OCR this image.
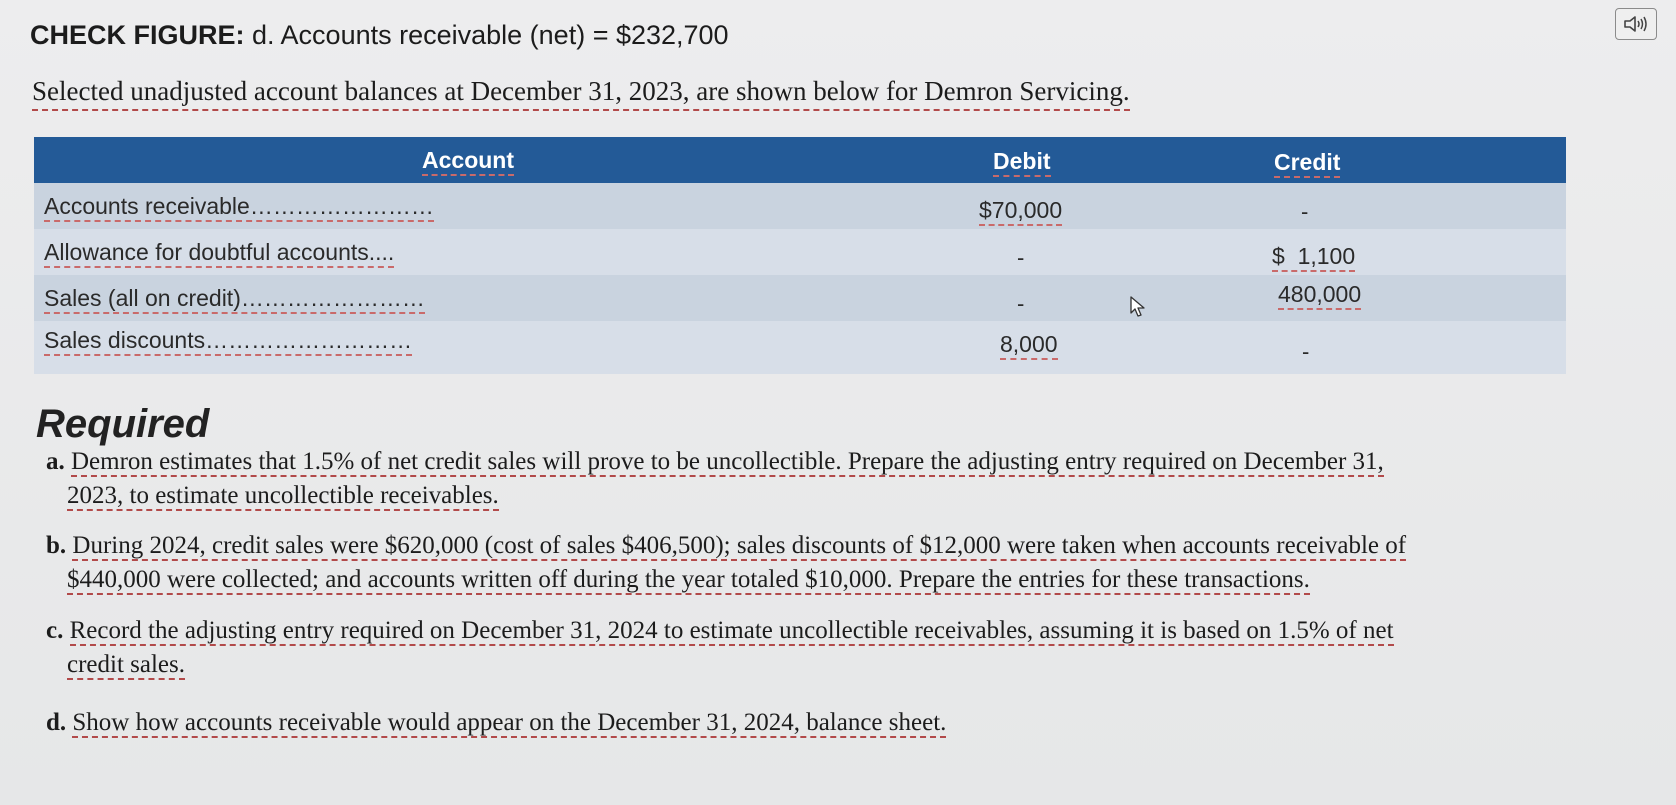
CHECK FIGURE: d. Accounts receivable (net) = $232,700
Selected unadjusted account balances at December 31, 2023, are shown below for Demron Servicing.
Account	Debit	Credit
Accounts receivable……………………	$70,000	-
Allowance for doubtful accounts....	-	$  1,100
Sales (all on credit)……………………	-	480,000
Sales discounts………………………	8,000	-
Required
a. Demron estimates that 1.5% of net credit sales will prove to be uncollectible. Prepare the adjusting entry required on December 31,
2023, to estimate uncollectible receivables.
b. During 2024, credit sales were $620,000 (cost of sales $406,500); sales discounts of $12,000 were taken when accounts receivable of
$440,000 were collected; and accounts written off during the year totaled $10,000. Prepare the entries for these transactions.
c. Record the adjusting entry required on December 31, 2024 to estimate uncollectible receivables, assuming it is based on 1.5% of net
credit sales.
d. Show how accounts receivable would appear on the December 31, 2024, balance sheet.
